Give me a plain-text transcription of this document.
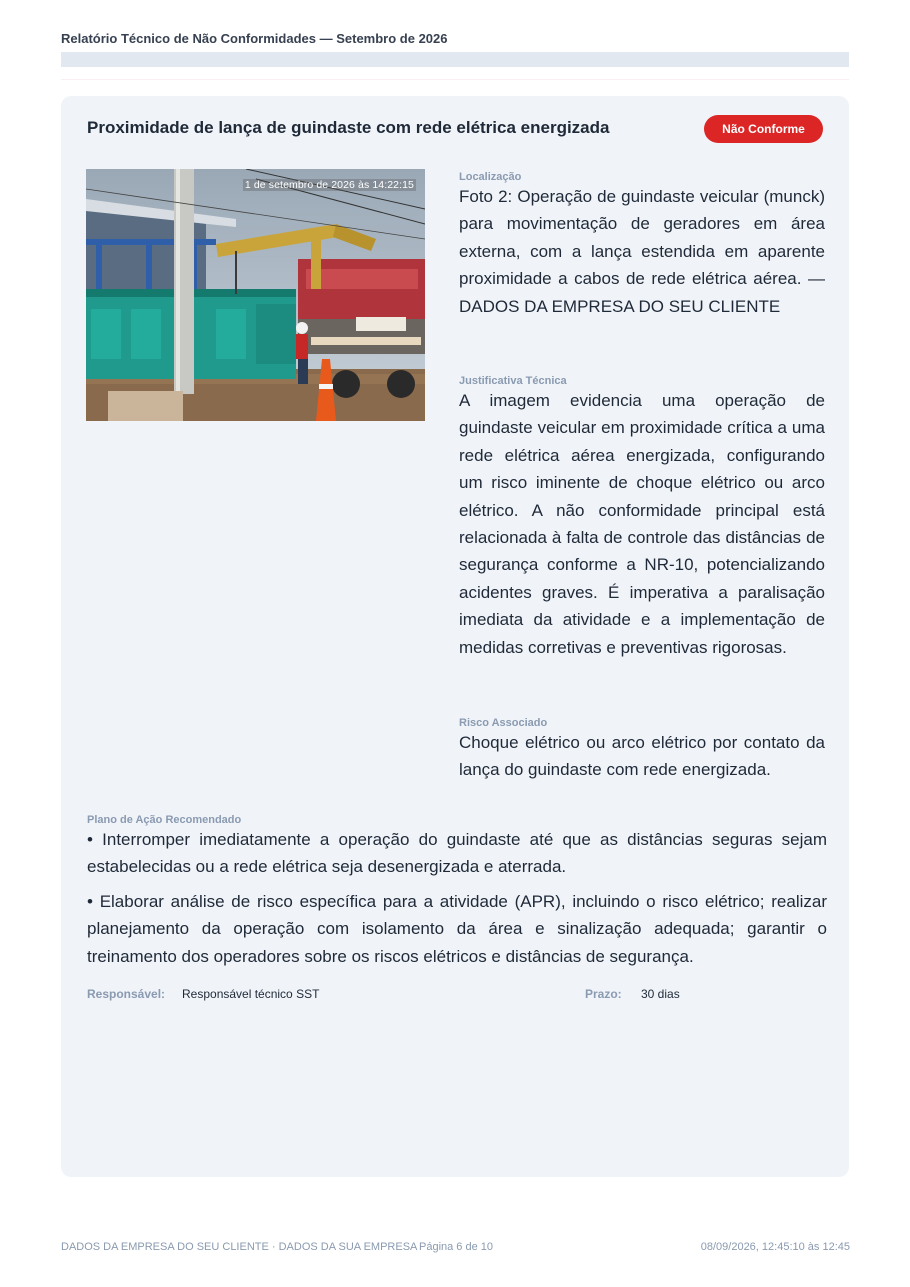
Relatório Técnico de Não Conformidades — Setembro de 2026
Proximidade de lança de guindaste com rede elétrica energizada	Não Conforme
1 de setembro de 2026 às 14:22:15
Localização

Foto 2: Operação de guindaste veicular (munck) para movimentação de geradores em área externa, com a lança estendida em aparente proximidade a cabos de rede elétrica aérea. — DADOS DA EMPRESA DO SEU CLIENTE

Justificativa Técnica

A imagem evidencia uma operação de guindaste veicular em proximidade crítica a uma rede elétrica aérea energizada, configurando um risco iminente de choque elétrico ou arco elétrico. A não conformidade principal está relacionada à falta de controle das distâncias de segurança conforme a NR-10, potencializando acidentes graves. É imperativa a paralisação imediata da atividade e a implementação de medidas corretivas e preventivas rigorosas.

Risco Associado

Choque elétrico ou arco elétrico por contato da lança do guindaste com rede energizada.

Plano de Ação Recomendado

• Interromper imediatamente a operação do guindaste até que as distâncias seguras sejam estabelecidas ou a rede elétrica seja desenergizada e aterrada.

• Elaborar análise de risco específica para a atividade (APR), incluindo o risco elétrico; realizar planejamento da operação com isolamento da área e sinalização adequada; garantir o treinamento dos operadores sobre os riscos elétricos e distâncias de segurança.

Responsável: Responsável técnico SST	Prazo: 30 dias
DADOS DA EMPRESA DO SEU CLIENTE · DADOS DA SUA EMPRESA Página 6 de 10	08/09/2026, 12:45:10 às 12:45
